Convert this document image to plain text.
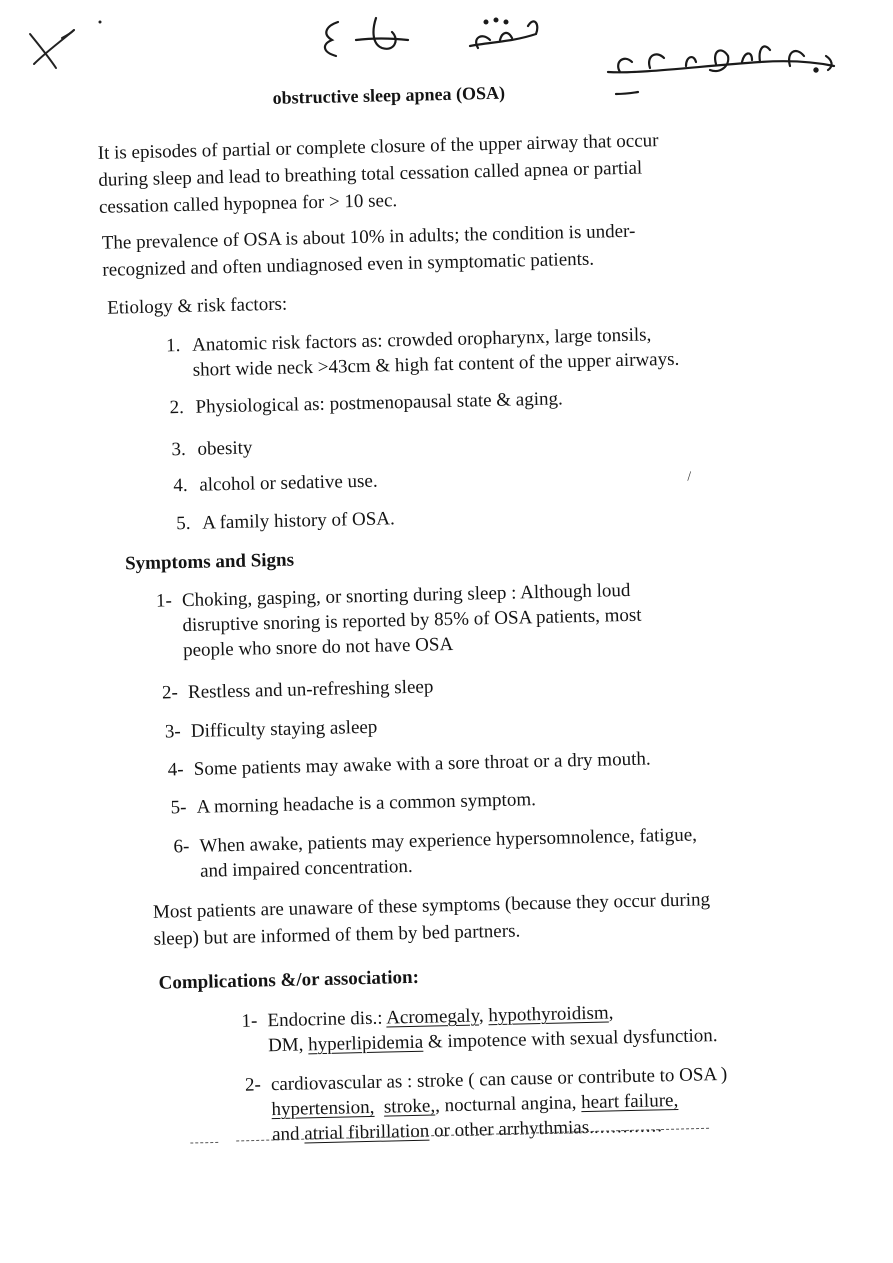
obstructive sleep apnea (OSA)
It is episodes of partial or complete closure of the upper airway that occur
during sleep and lead to breathing total cessation called apnea or partial
cessation called hypopnea for > 10 sec.
The prevalence of OSA is about 10% in adults; the condition is under-
recognized and often undiagnosed even in symptomatic patients.
Etiology & risk factors:
1. Anatomic risk factors as: crowded oropharynx, large tonsils,
short wide neck >43cm & high fat content of the upper airways.
2. Physiological as: postmenopausal state & aging.
3. obesity
4. alcohol or sedative use.
5. A family history of OSA.
/
Symptoms and Signs
1- Choking, gasping, or snorting during sleep : Although loud
disruptive snoring is reported by 85% of OSA patients, most
people who snore do not have OSA
2- Restless and un-refreshing sleep
3- Difficulty staying asleep
4- Some patients may awake with a sore throat or a dry mouth.
5- A morning headache is a common symptom.
6- When awake, patients may experience hypersomnolence, fatigue,
and impaired concentration.
Most patients are unaware of these symptoms (because they occur during
sleep) but are informed of them by bed partners.
Complications &/or association:
1- Endocrine dis.: Acromegaly, hypothyroidism,
DM, hyperlipidemia & impotence with sexual dysfunction.
2- cardiovascular as : stroke ( can cause or contribute to OSA )
hypertension, stroke,, nocturnal angina, heart failure,
and atrial fibrillation or other arrhythmias.............
